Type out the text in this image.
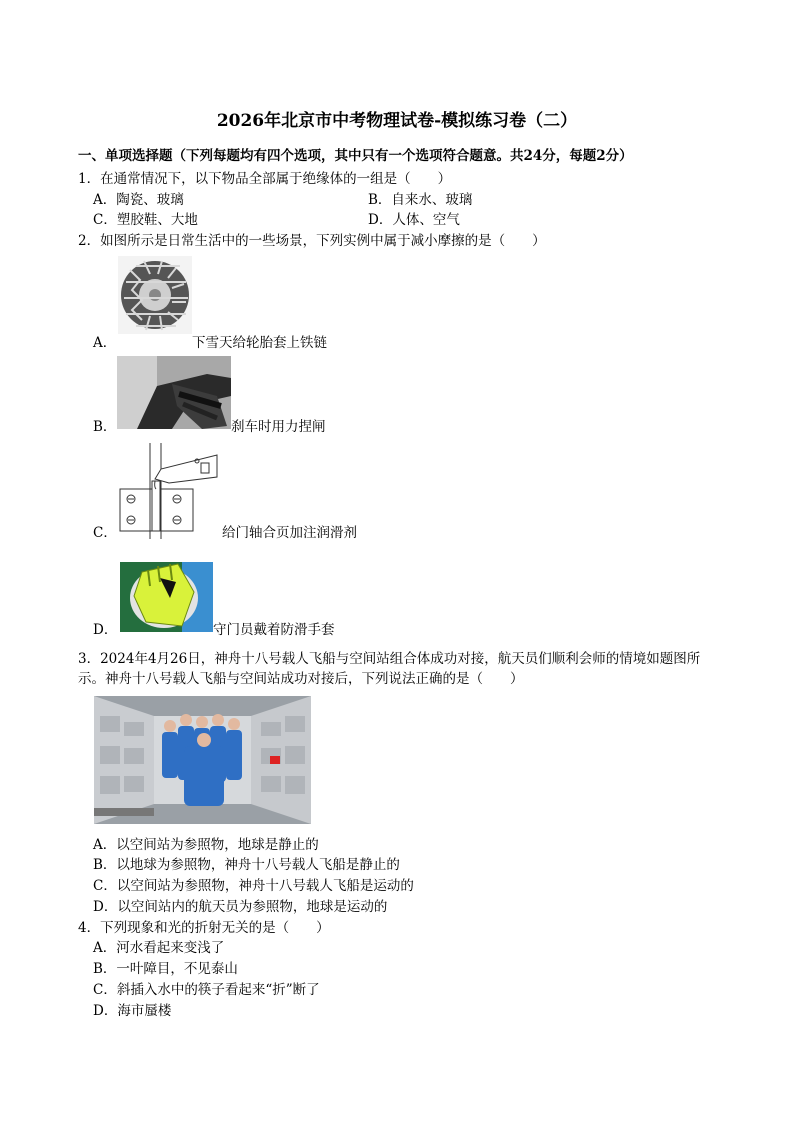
2026年北京市中考物理试卷-模拟练习卷（二）
一、单项选择题（下列每题均有四个选项，其中只有一个选项符合题意。共24分，每题2分）
1．在通常情况下，以下物品全部属于绝缘体的一组是（　　）
A．陶瓷、玻璃	B．自来水、玻璃
C．塑胶鞋、大地	D．人体、空气
2．如图所示是日常生活中的一些场景，下列实例中属于减小摩擦的是（　　）
A．	下雪天给轮胎套上铁链
B．	刹车时用力捏闸
C．	给门轴合页加注润滑剂
D．	守门员戴着防滑手套
3．2024年4月26日，神舟十八号载人飞船与空间站组合体成功对接，航天员们顺利会师的情境如题图所
示。神舟十八号载人飞船与空间站成功对接后，下列说法正确的是（　　）
A．以空间站为参照物，地球是静止的
B．以地球为参照物，神舟十八号载人飞船是静止的
C．以空间站为参照物，神舟十八号载人飞船是运动的
D．以空间站内的航天员为参照物，地球是运动的
4．下列现象和光的折射无关的是（　　）
A．河水看起来变浅了
B．一叶障目，不见泰山
C．斜插入水中的筷子看起来“折”断了
D．海市蜃楼
